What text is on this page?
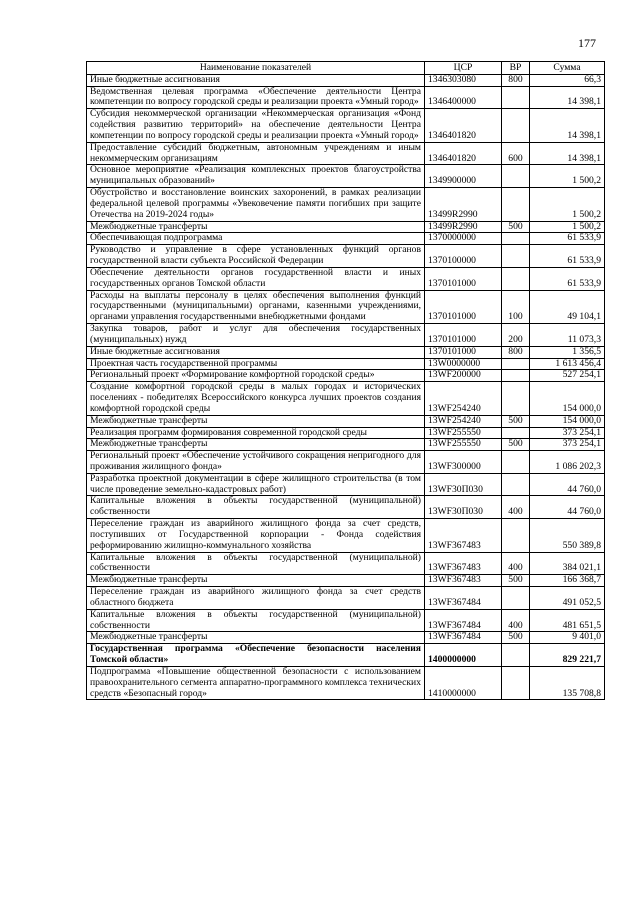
177
Наименование показателей	ЦСР	ВР	Сумма
Иные бюджетные ассигнования	1346303080	800	66,3
Ведомственная целевая программа «Обеспечение деятельности Центра компетенции по вопросу городской среды и реализации проекта «Умный город»	1346400000		14 398,1
Субсидия некоммерческой организации «Некоммерческая организация «Фонд содействия развитию территорий» на обеспечение деятельности Центра компетенции по вопросу городской среды и реализации проекта «Умный город»	1346401820		14 398,1
Предоставление субсидий бюджетным, автономным учреждениям и иным некоммерческим организациям	1346401820	600	14 398,1
Основное мероприятие «Реализация комплексных проектов благоустройства муниципальных образований»	1349900000		1 500,2
Обустройство и восстановление воинских захоронений, в рамках реализации федеральной целевой программы «Увековечение памяти погибших при защите Отечества на 2019-2024 годы»	13499R2990		1 500,2
Межбюджетные трансферты	13499R2990	500	1 500,2
Обеспечивающая подпрограмма	1370000000		61 533,9
Руководство и управление в сфере установленных функций органов государственной власти субъекта Российской Федерации	1370100000		61 533,9
Обеспечение деятельности органов государственной власти и иных государственных органов Томской области	1370101000		61 533,9
Расходы на выплаты персоналу в целях обеспечения выполнения функций государственными (муниципальными) органами, казенными учреждениями, органами управления государственными внебюджетными фондами	1370101000	100	49 104,1
Закупка товаров, работ и услуг для обеспечения государственных (муниципальных) нужд	1370101000	200	11 073,3
Иные бюджетные ассигнования	1370101000	800	1 356,5
Проектная часть государственной программы	13W0000000		1 613 456,4
Региональный проект «Формирование комфортной городской среды»	13WF200000		527 254,1
Создание комфортной городской среды в малых городах и исторических поселениях - победителях Всероссийского конкурса лучших проектов создания комфортной городской среды	13WF254240		154 000,0
Межбюджетные трансферты	13WF254240	500	154 000,0
Реализация программ формирования современной городской среды	13WF255550		373 254,1
Межбюджетные трансферты	13WF255550	500	373 254,1
Региональный проект «Обеспечение устойчивого сокращения непригодного для проживания жилищного фонда»	13WF300000		1 086 202,3
Разработка проектной документации в сфере жилищного строительства (в том числе проведение земельно-кадастровых работ)	13WF30П030		44 760,0
Капитальные вложения в объекты государственной (муниципальной) собственности	13WF30П030	400	44 760,0
Переселение граждан из аварийного жилищного фонда за счет средств, поступивших от Государственной корпорации - Фонда содействия реформированию жилищно-коммунального хозяйства	13WF367483		550 389,8
Капитальные вложения в объекты государственной (муниципальной) собственности	13WF367483	400	384 021,1
Межбюджетные трансферты	13WF367483	500	166 368,7
Переселение граждан из аварийного жилищного фонда за счет средств областного бюджета	13WF367484		491 052,5
Капитальные вложения в объекты государственной (муниципальной) собственности	13WF367484	400	481 651,5
Межбюджетные трансферты	13WF367484	500	9 401,0
Государственная программа «Обеспечение безопасности населения Томской области»	1400000000		829 221,7
Подпрограмма «Повышение общественной безопасности с использованием правоохранительного сегмента аппаратно-программного комплекса технических средств «Безопасный город»	1410000000		135 708,8
